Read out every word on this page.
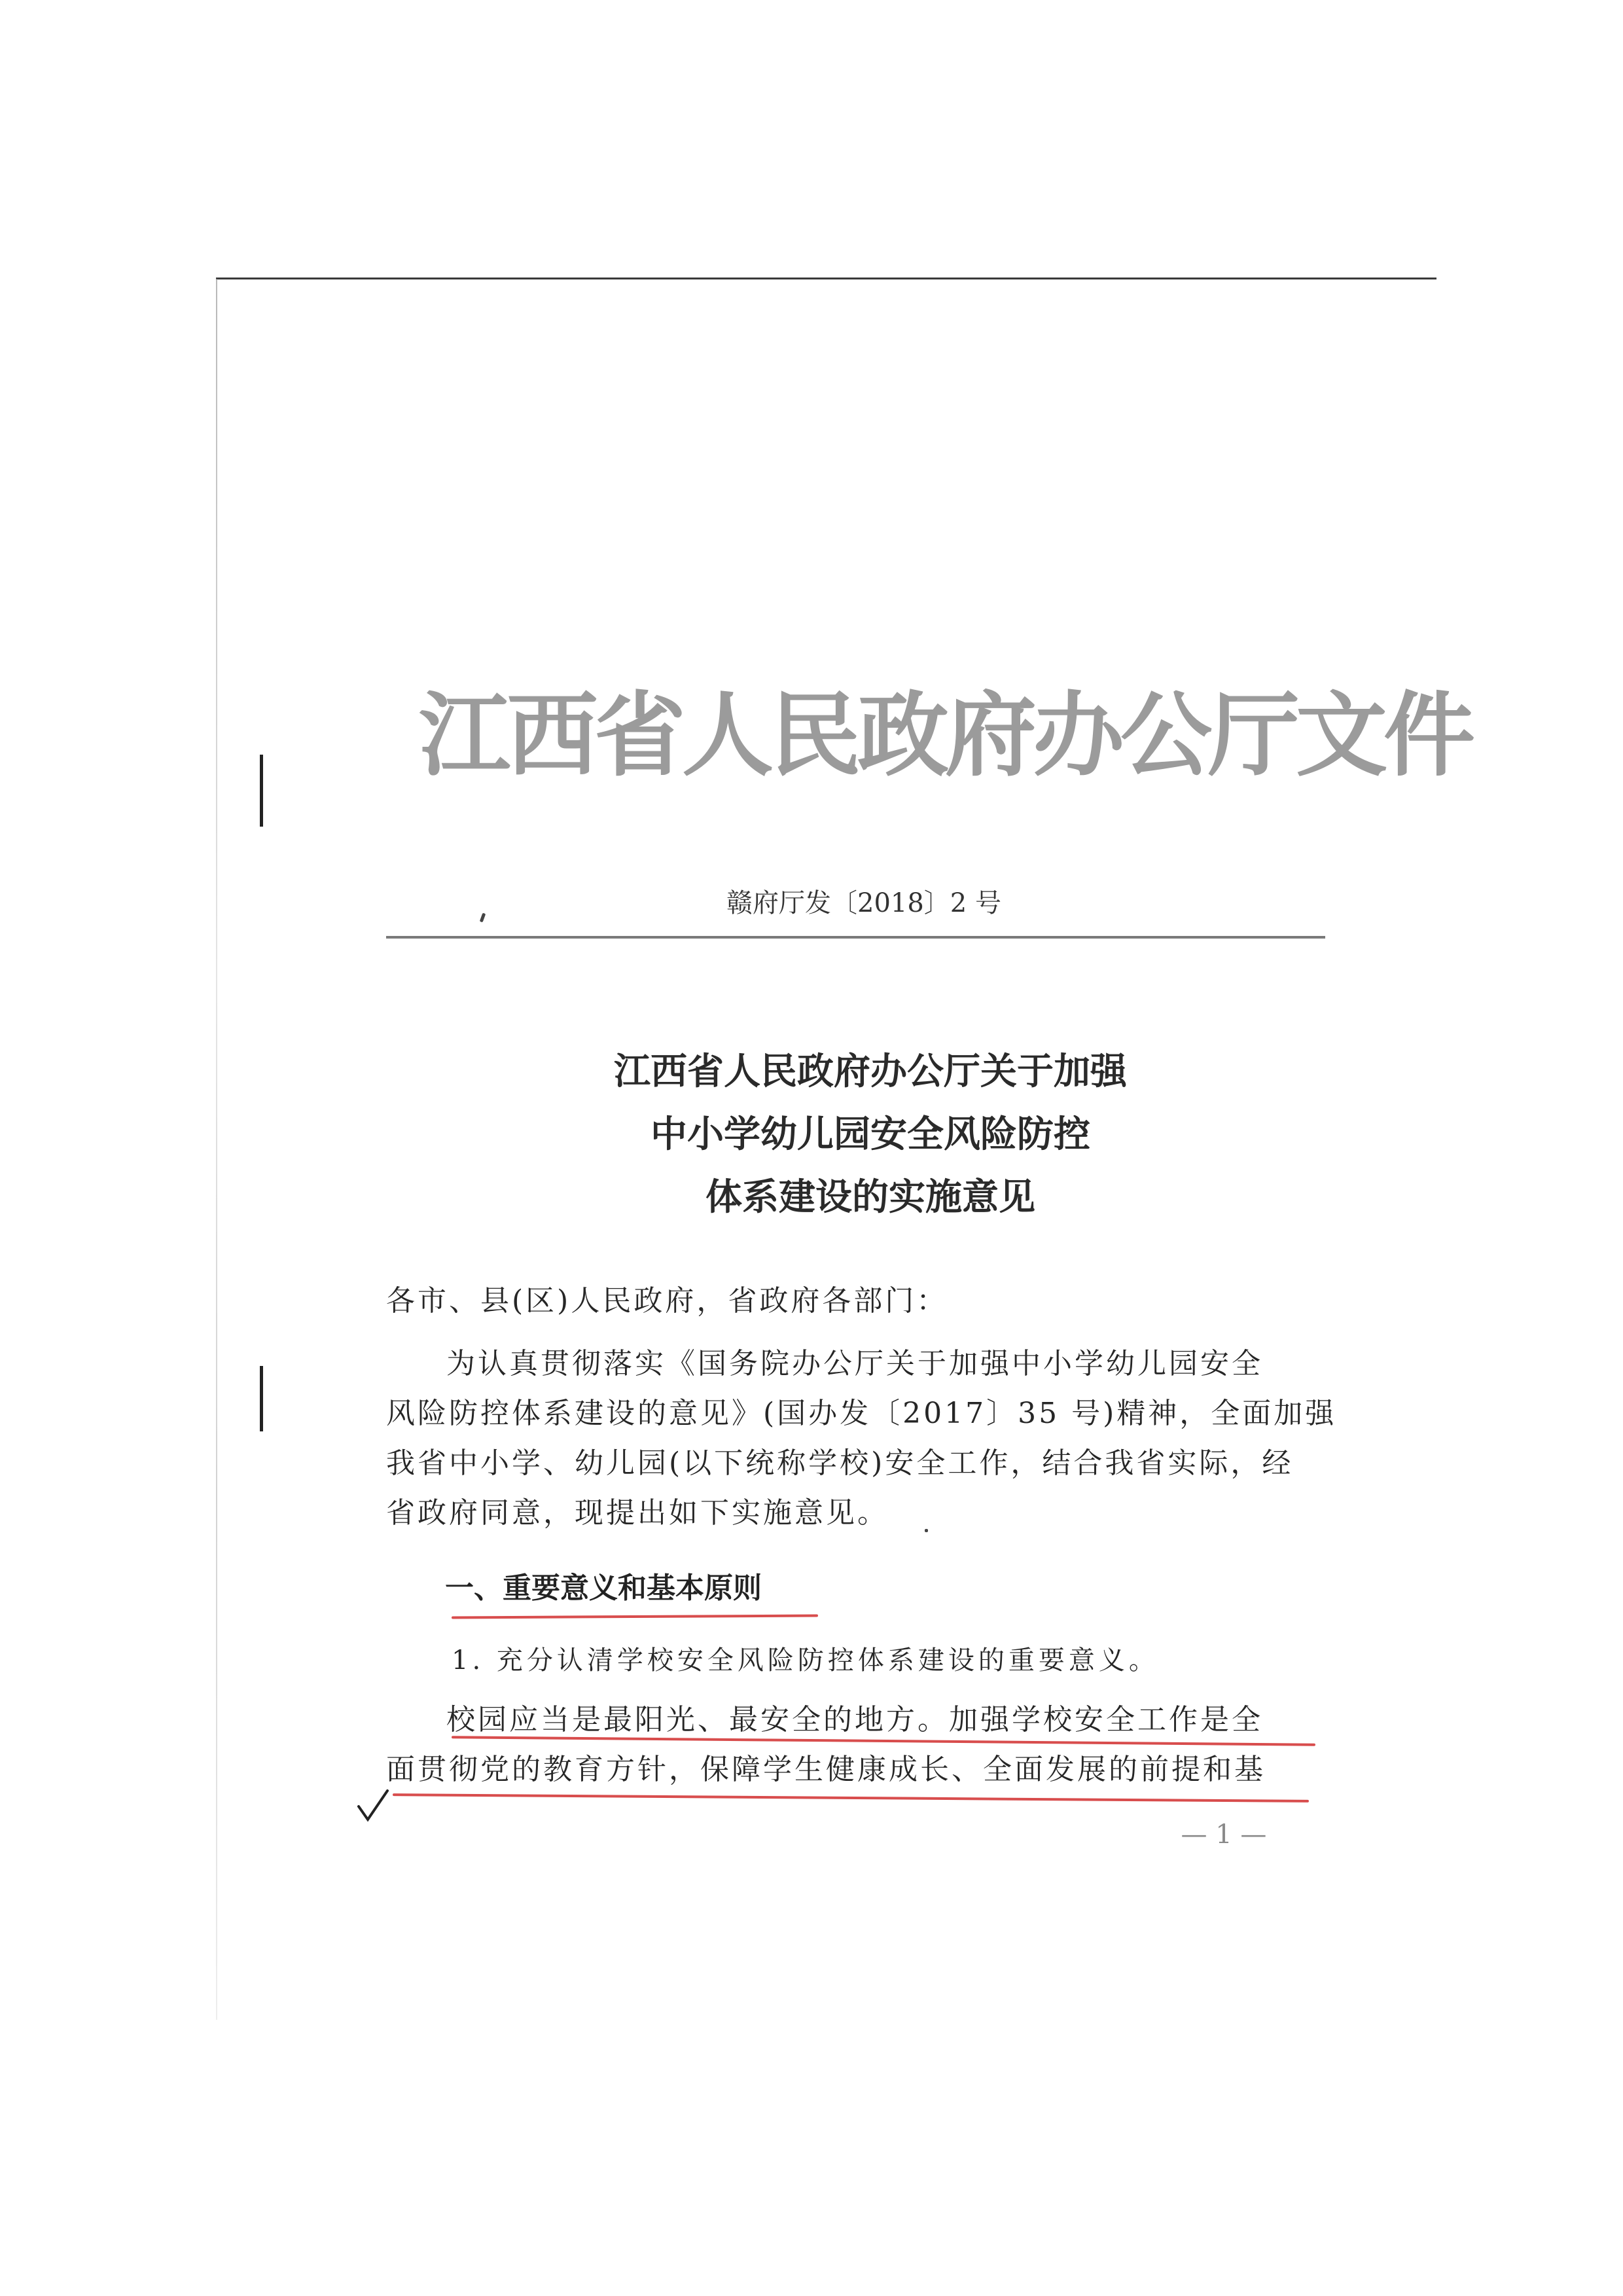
江西省人民政府办公厅文件
赣府厅发〔2018〕2 号
江西省人民政府办公厅关于加强
中小学幼儿园安全风险防控
体系建设的实施意见
各市、县(区)人民政府，省政府各部门：
为认真贯彻落实《国务院办公厅关于加强中小学幼儿园安全
风险防控体系建设的意见》(国办发〔2017〕35 号)精神，全面加强
我省中小学、幼儿园(以下统称学校)安全工作，结合我省实际，经
省政府同意，现提出如下实施意见。
一、重要意义和基本原则
1. 充分认清学校安全风险防控体系建设的重要意义。
校园应当是最阳光、最安全的地方。加强学校安全工作是全
面贯彻党的教育方针，保障学生健康成长、全面发展的前提和基
— 1 —
